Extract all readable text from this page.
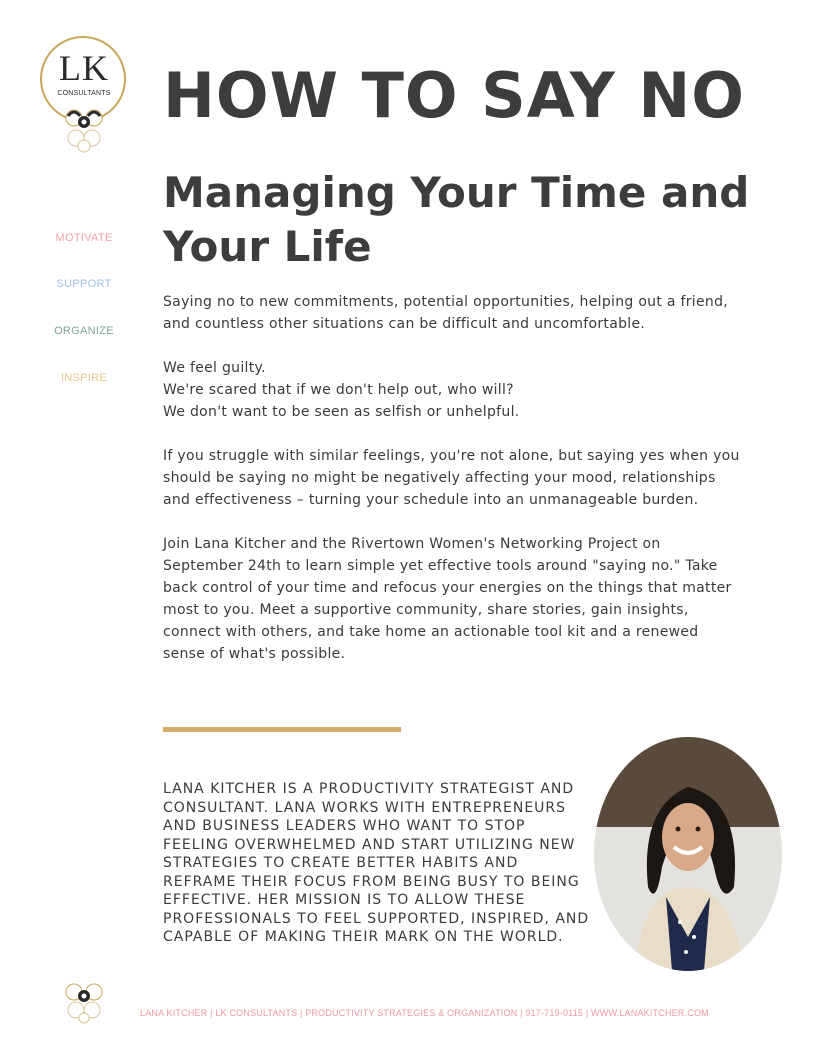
LK
CONSULTANTS HOW TO SAY NO
Managing Your Time and Your Life
MOTIVATE
SUPPORT
ORGANIZE
INSPIRE

Saying no to new commitments, potential opportunities, helping out a friend, and countless other situations can be difficult and uncomfortable.

We feel guilty.
We're scared that if we don't help out, who will?
We don't want to be seen as selfish or unhelpful.

If you struggle with similar feelings, you're not alone, but saying yes when you should be saying no might be negatively affecting your mood, relationships and effectiveness – turning your schedule into an unmanageable burden.

Join Lana Kitcher and the Rivertown Women's Networking Project on September 24th to learn simple yet effective tools around "saying no." Take back control of your time and refocus your energies on the things that matter most to you. Meet a supportive community, share stories, gain insights, connect with others, and take home an actionable tool kit and a renewed sense of what's possible.

LANA KITCHER IS A PRODUCTIVITY STRATEGIST AND CONSULTANT. LANA WORKS WITH ENTREPRENEURS AND BUSINESS LEADERS WHO WANT TO STOP FEELING OVERWHELMED AND START UTILIZING NEW STRATEGIES TO CREATE BETTER HABITS AND REFRAME THEIR FOCUS FROM BEING BUSY TO BEING EFFECTIVE. HER MISSION IS TO ALLOW THESE PROFESSIONALS TO FEEL SUPPORTED, INSPIRED, AND CAPABLE OF MAKING THEIR MARK ON THE WORLD.
LANA KITCHER | LK CONSULTANTS | PRODUCTIVITY STRATEGIES & ORGANIZATION | 917-719-0115 | WWW.LANAKITCHER.COM
